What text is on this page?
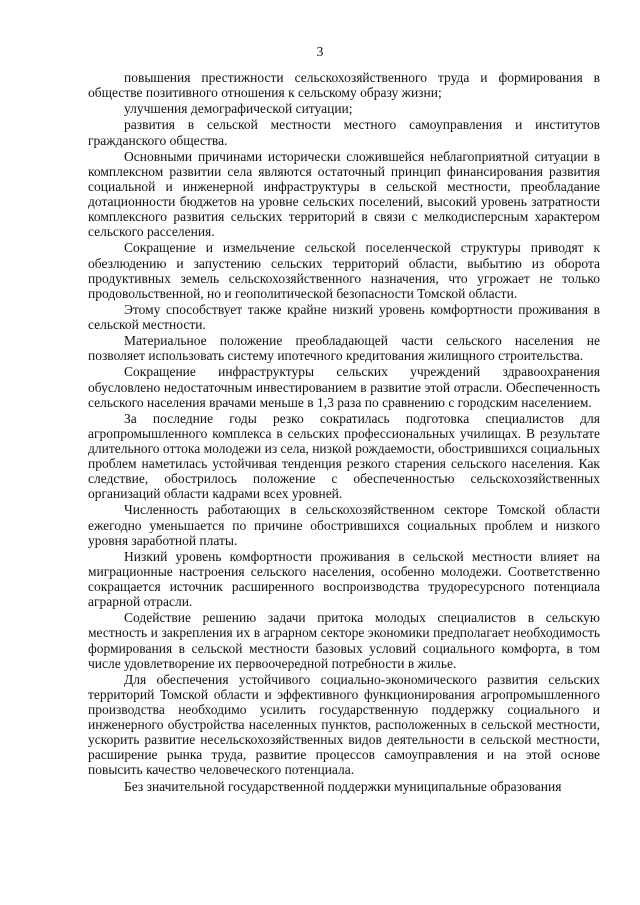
3

повышения престижности сельскохозяйственного труда и формирования в обществе позитивного отношения к сельскому образу жизни;

улучшения демографической ситуации;

развития в сельской местности местного самоуправления и институтов гражданского общества.

Основными причинами исторически сложившейся неблагоприятной ситуации в комплексном развитии села являются остаточный принцип финансирования развития социальной и инженерной инфраструктуры в сельской местности, преобладание дотационности бюджетов на уровне сельских поселений, высокий уровень затратности комплексного развития сельских территорий в связи с мелкодисперсным характером сельского расселения.

Сокращение и измельчение сельской поселенческой структуры приводят к обезлюдению и запустению сельских территорий области, выбытию из оборота продуктивных земель сельскохозяйственного назначения, что угрожает не только продовольственной, но и геополитической безопасности Томской области.

Этому способствует также крайне низкий уровень комфортности проживания в сельской местности.

Материальное положение преобладающей части сельского населения не позволяет использовать систему ипотечного кредитования жилищного строительства.

Сокращение инфраструктуры сельских учреждений здравоохранения обусловлено недостаточным инвестированием в развитие этой отрасли. Обеспеченность сельского населения врачами меньше в 1,3 раза по сравнению с городским населением.

За последние годы резко сократилась подготовка специалистов для агропромышленного комплекса в сельских профессиональных училищах. В результате длительного оттока молодежи из села, низкой рождаемости, обострившихся социальных проблем наметилась устойчивая тенденция резкого старения сельского населения. Как следствие, обострилось положение с обеспеченностью сельскохозяйственных организаций области кадрами всех уровней.

Численность работающих в сельскохозяйственном секторе Томской области ежегодно уменьшается по причине обострившихся социальных проблем и низкого уровня заработной платы.

Низкий уровень комфортности проживания в сельской местности влияет на миграционные настроения сельского населения, особенно молодежи. Соответственно сокращается источник расширенного воспроизводства трудоресурсного потенциала аграрной отрасли.

Содействие решению задачи притока молодых специалистов в сельскую местность и закрепления их в аграрном секторе экономики предполагает необходимость формирования в сельской местности базовых условий социального комфорта, в том числе удовлетворение их первоочередной потребности в жилье.

Для обеспечения устойчивого социально-экономического развития сельских территорий Томской области и эффективного функционирования агропромышленного производства необходимо усилить государственную поддержку социального и инженерного обустройства населенных пунктов, расположенных в сельской местности, ускорить развитие несельскохозяйственных видов деятельности в сельской местности, расширение рынка труда, развитие процессов самоуправления и на этой основе повысить качество человеческого потенциала.

Без значительной государственной поддержки муниципальные образования
